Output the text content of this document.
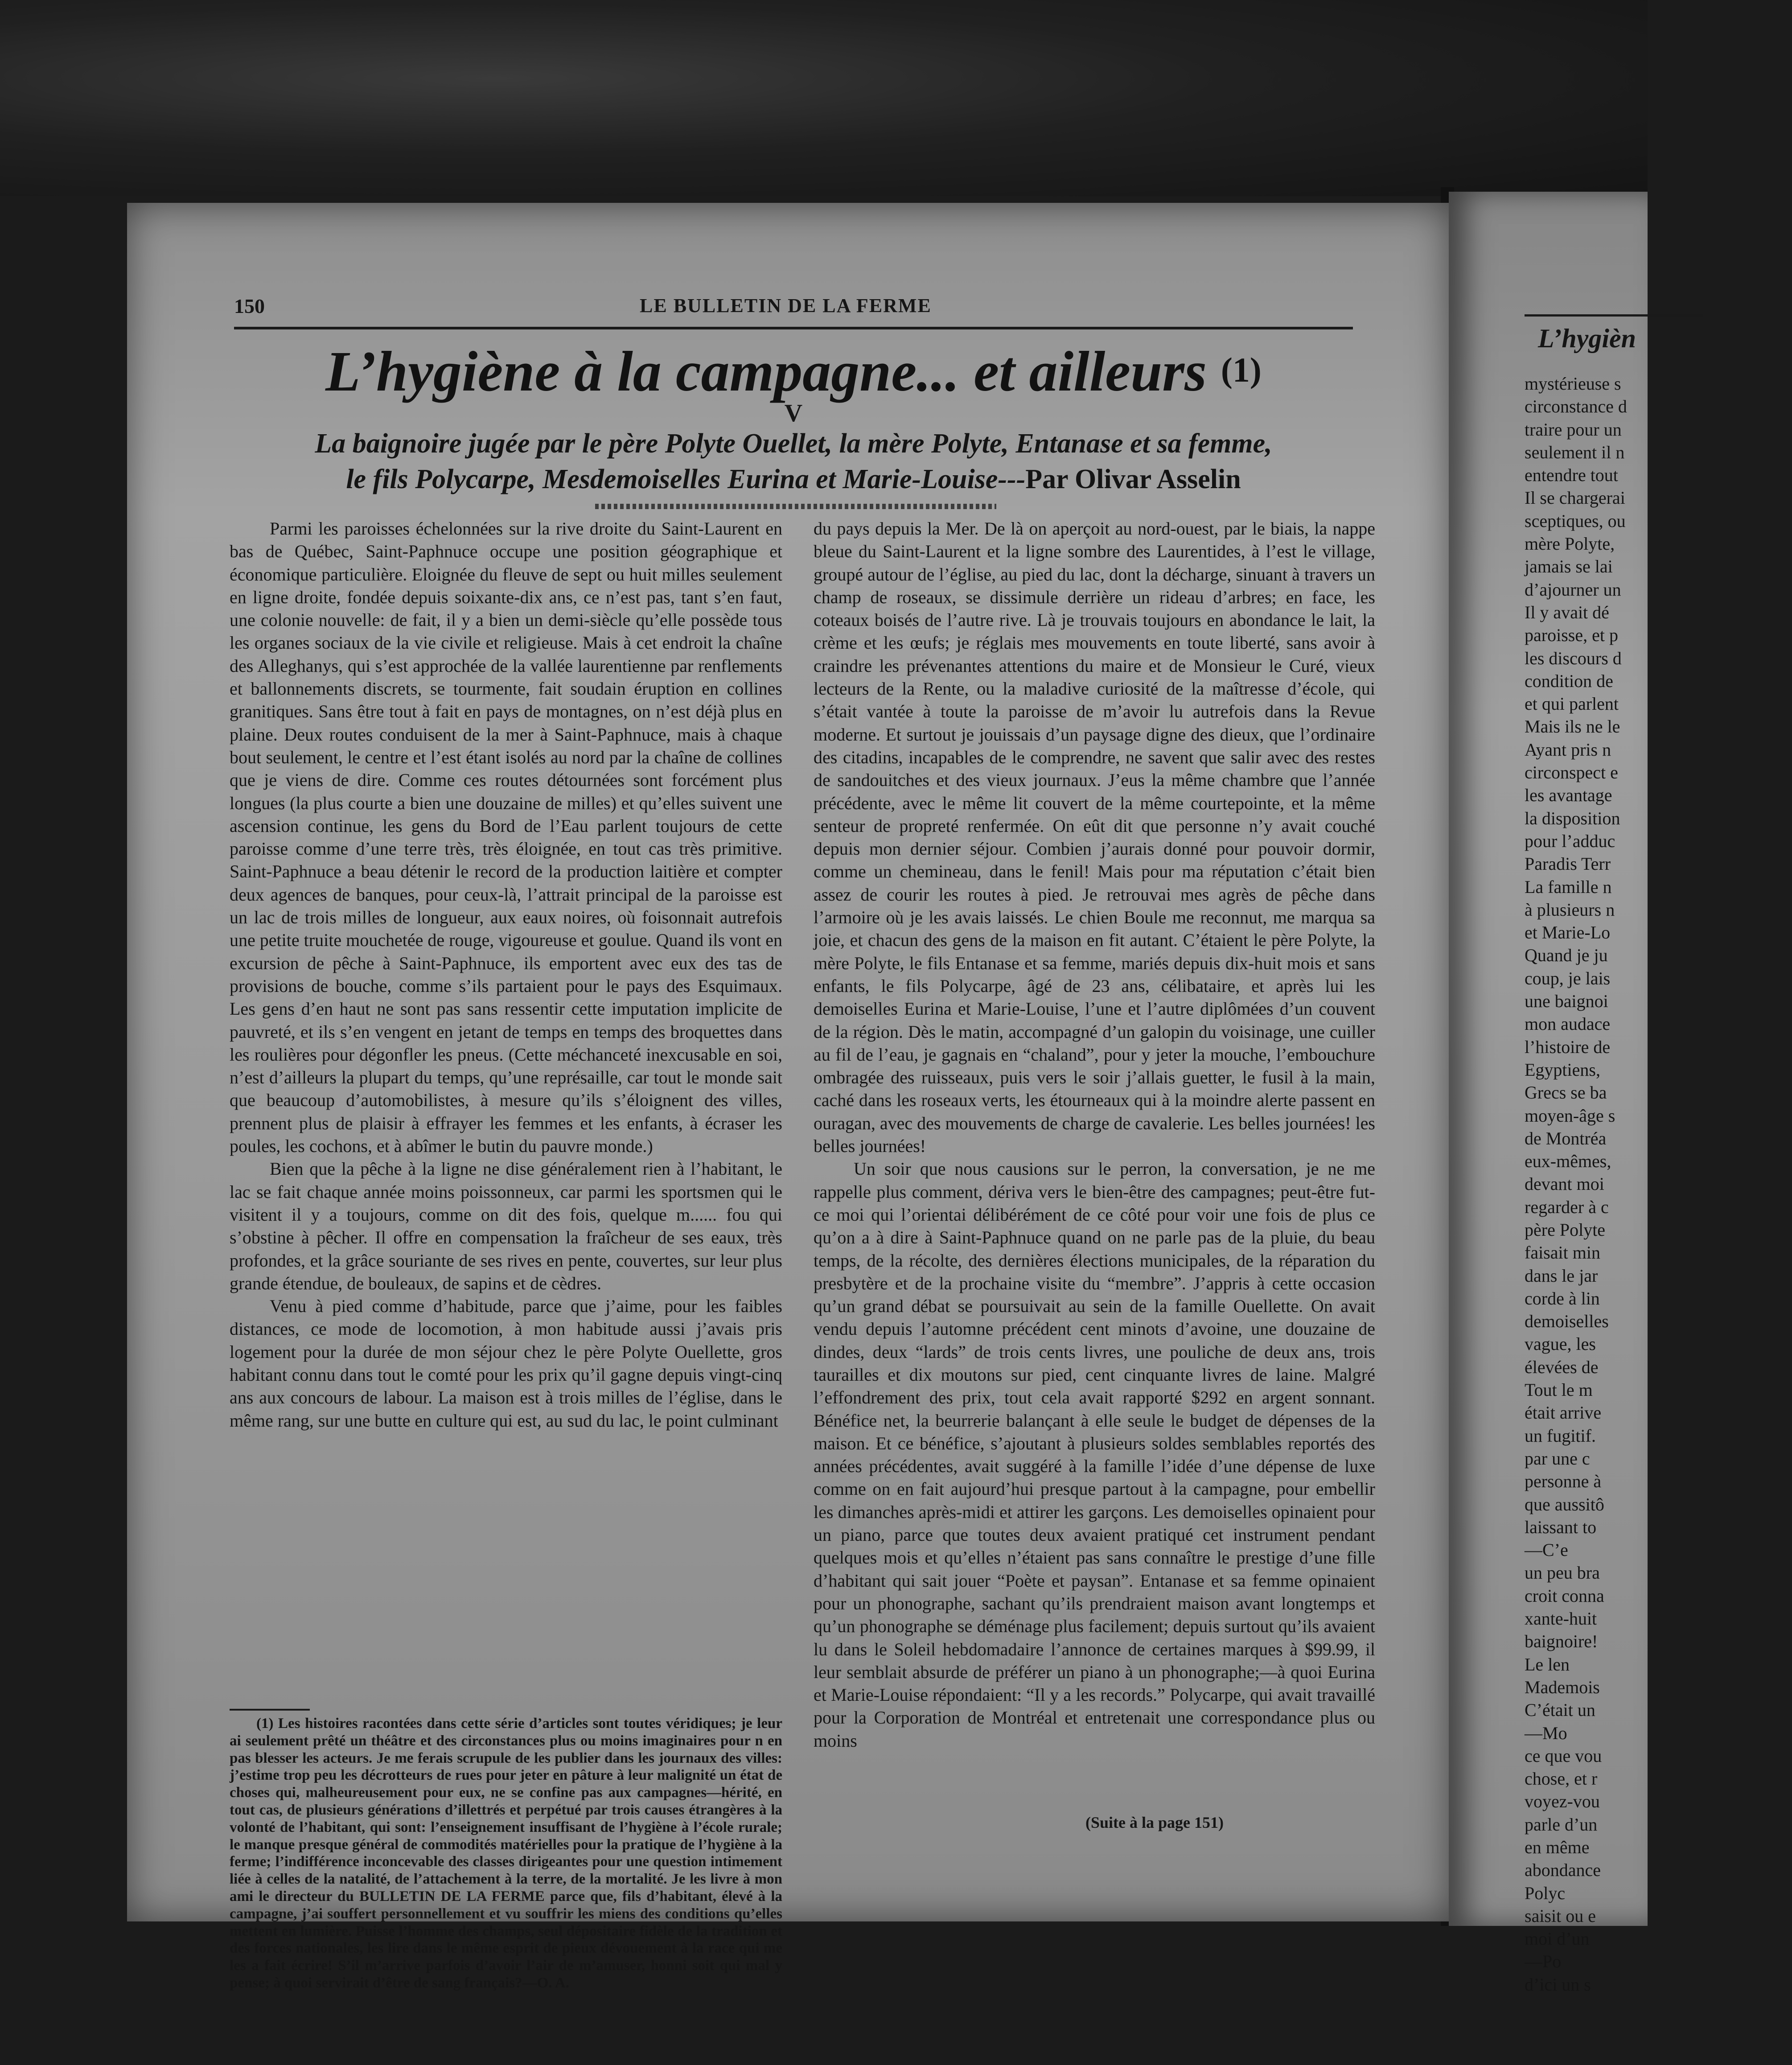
150	LE BULLETIN DE LA FERME
L’hygiène à la campagne... et ailleurs (1)
V
La baignoire jugée par le père Polyte Ouellet, la mère Polyte, Entanase et sa femme,
le fils Polycarpe, Mesdemoiselles Eurina et Marie-Louise---Par Olivar Asselin

Parmi les paroisses échelonnées sur la rive droite du Saint-Laurent en bas de Québec, Saint-Paphnuce occupe une position géographique et économique particulière. Eloignée du fleuve de sept ou huit milles seulement en ligne droite, fondée depuis soixante-dix ans, ce n’est pas, tant s’en faut, une colonie nouvelle: de fait, il y a bien un demi-siècle qu’elle possède tous les organes sociaux de la vie civile et religieuse. Mais à cet endroit la chaîne des Alleghanys, qui s’est approchée de la vallée laurentienne par renflements et ballonnements discrets, se tourmente, fait soudain éruption en collines granitiques. Sans être tout à fait en pays de montagnes, on n’est déjà plus en plaine. Deux routes conduisent de la mer à Saint-Paphnuce, mais à chaque bout seulement, le centre et l’est étant isolés au nord par la chaîne de collines que je viens de dire. Comme ces routes détournées sont forcément plus longues (la plus courte a bien une douzaine de milles) et qu’elles suivent une ascension continue, les gens du Bord de l’Eau parlent toujours de cette paroisse comme d’une terre très, très éloignée, en tout cas très primitive. Saint-Paphnuce a beau détenir le record de la production laitière et compter deux agences de banques, pour ceux-là, l’attrait principal de la paroisse est un lac de trois milles de longueur, aux eaux noires, où foisonnait autrefois une petite truite mouchetée de rouge, vigoureuse et goulue. Quand ils vont en excursion de pêche à Saint-Paphnuce, ils emportent avec eux des tas de provisions de bouche, comme s’ils partaient pour le pays des Esquimaux. Les gens d’en haut ne sont pas sans ressentir cette imputation implicite de pauvreté, et ils s’en vengent en jetant de temps en temps des broquettes dans les roulières pour dégonfler les pneus. (Cette méchanceté inexcusable en soi, n’est d’ailleurs la plupart du temps, qu’une représaille, car tout le monde sait que beaucoup d’automobilistes, à mesure qu’ils s’éloignent des villes, prennent plus de plaisir à effrayer les femmes et les enfants, à écraser les poules, les cochons, et à abîmer le butin du pauvre monde.)

Bien que la pêche à la ligne ne dise généralement rien à l’habitant, le lac se fait chaque année moins poissonneux, car parmi les sportsmen qui le visitent il y a toujours, comme on dit des fois, quelque m...... fou qui s’obstine à pêcher. Il offre en compensation la fraîcheur de ses eaux, très profondes, et la grâce souriante de ses rives en pente, couvertes, sur leur plus grande étendue, de bouleaux, de sapins et de cèdres.

Venu à pied comme d’habitude, parce que j’aime, pour les faibles distances, ce mode de locomotion, à mon habitude aussi j’avais pris logement pour la durée de mon séjour chez le père Polyte Ouellette, gros habitant connu dans tout le comté pour les prix qu’il gagne depuis vingt-cinq ans aux concours de labour. La maison est à trois milles de l’église, dans le même rang, sur une butte en culture qui est, au sud du lac, le point culminant

(1) Les histoires racontées dans cette série d’articles sont toutes véridiques; je leur ai seulement prêté un théâtre et des circonstances plus ou moins imaginaires pour n en pas blesser les acteurs. Je me ferais scrupule de les publier dans les journaux des villes: j’estime trop peu les décrotteurs de rues pour jeter en pâture à leur malignité un état de choses qui, malheureusement pour eux, ne se confine pas aux campagnes—hérité, en tout cas, de plusieurs générations d’illettrés et perpétué par trois causes étrangères à la volonté de l’habitant, qui sont: l’enseignement insuffisant de l’hygiène à l’école rurale; le manque presque général de commodités matérielles pour la pratique de l’hygiène à la ferme; l’indifférence inconcevable des classes dirigeantes pour une question intimement liée à celles de la natalité, de l’attachement à la terre, de la mortalité. Je les livre à mon ami le directeur du BULLETIN DE LA FERME parce que, fils d’habitant, élevé à la campagne, j’ai souffert personnellement et vu souffrir les miens des conditions qu’elles mettent en lumière. Puisse l’homme des champs, seul dépositaire fidèle de la tradition et des forces nationales, les lire dans le même esprit de pieux dévouement à la race qui me les a fait écrire! S’il m’arrive parfois d’avoir l’air de m’amuser, honni soit qui mal y pense; à quoi servirait d’être de sang français?—O. A.

du pays depuis la Mer. De là on aperçoit au nord-ouest, par le biais, la nappe bleue du Saint-Laurent et la ligne sombre des Laurentides, à l’est le village, groupé autour de l’église, au pied du lac, dont la décharge, sinuant à travers un champ de roseaux, se dissimule derrière un rideau d’arbres; en face, les coteaux boisés de l’autre rive. Là je trouvais toujours en abondance le lait, la crème et les œufs; je réglais mes mouvements en toute liberté, sans avoir à craindre les prévenantes attentions du maire et de Monsieur le Curé, vieux lecteurs de la Rente, ou la maladive curiosité de la maîtresse d’école, qui s’était vantée à toute la paroisse de m’avoir lu autrefois dans la Revue moderne. Et surtout je jouissais d’un paysage digne des dieux, que l’ordinaire des citadins, incapables de le comprendre, ne savent que salir avec des restes de sandouitches et des vieux journaux. J’eus la même chambre que l’année précédente, avec le même lit couvert de la même courtepointe, et la même senteur de propreté renfermée. On eût dit que personne n’y avait couché depuis mon dernier séjour. Combien j’aurais donné pour pouvoir dormir, comme un chemineau, dans le fenil! Mais pour ma réputation c’était bien assez de courir les routes à pied. Je retrouvai mes agrès de pêche dans l’armoire où je les avais laissés. Le chien Boule me reconnut, me marqua sa joie, et chacun des gens de la maison en fit autant. C’étaient le père Polyte, la mère Polyte, le fils Entanase et sa femme, mariés depuis dix-huit mois et sans enfants, le fils Polycarpe, âgé de 23 ans, célibataire, et après lui les demoiselles Eurina et Marie-Louise, l’une et l’autre diplômées d’un couvent de la région. Dès le matin, accompagné d’un galopin du voisinage, une cuiller au fil de l’eau, je gagnais en “chaland”, pour y jeter la mouche, l’embouchure ombragée des ruisseaux, puis vers le soir j’allais guetter, le fusil à la main, caché dans les roseaux verts, les étourneaux qui à la moindre alerte passent en ouragan, avec des mouvements de charge de cavalerie. Les belles journées! les belles journées!

Un soir que nous causions sur le perron, la conversation, je ne me rappelle plus comment, dériva vers le bien-être des campagnes; peut-être fut-ce moi qui l’orientai délibérément de ce côté pour voir une fois de plus ce qu’on a à dire à Saint-Paphnuce quand on ne parle pas de la pluie, du beau temps, de la récolte, des dernières élections municipales, de la réparation du presbytère et de la prochaine visite du “membre”. J’appris à cette occasion qu’un grand débat se poursuivait au sein de la famille Ouellette. On avait vendu depuis l’automne précédent cent minots d’avoine, une douzaine de dindes, deux “lards” de trois cents livres, une pouliche de deux ans, trois taurailles et dix moutons sur pied, cent cinquante livres de laine. Malgré l’effondrement des prix, tout cela avait rapporté $292 en argent sonnant. Bénéfice net, la beurrerie balançant à elle seule le budget de dépenses de la maison. Et ce bénéfice, s’ajoutant à plusieurs soldes semblables reportés des années précédentes, avait suggéré à la famille l’idée d’une dépense de luxe comme on en fait aujourd’hui presque partout à la campagne, pour embellir les dimanches après-midi et attirer les garçons. Les demoiselles opinaient pour un piano, parce que toutes deux avaient pratiqué cet instrument pendant quelques mois et qu’elles n’étaient pas sans connaître le prestige d’une fille d’habitant qui sait jouer “Poète et paysan”. Entanase et sa femme opinaient pour un phonographe, sachant qu’ils prendraient maison avant longtemps et qu’un phonographe se déménage plus facilement; depuis surtout qu’ils avaient lu dans le Soleil hebdomadaire l’annonce de certaines marques à $99.99, il leur semblait absurde de préférer un piano à un phonographe;—à quoi Eurina et Marie-Louise répondaient: “Il y a les records.” Polycarpe, qui avait travaillé pour la Corporation de Montréal et entretenait une correspondance plus ou moins

(Suite à la page 151)
L’hygièn
mystérieuse s
circonstance d
traire pour un
seulement il n
entendre tout
Il se chargerai
sceptiques, ou
mère Polyte,
jamais se lai
d’ajourner un
Il y avait dé
paroisse, et p
les discours d
condition de
et qui parlent
Mais ils ne le
Ayant pris n
circonspect e
les avantage
la disposition
pour l’adduc
Paradis Terr
La famille n
à plusieurs n
et Marie-Lo
Quand je ju
coup, je lais
une baignoi
mon audace
l’histoire de
Egyptiens,
Grecs se ba
moyen-âge s
de Montréa
eux-mêmes,
devant moi
regarder à c
père Polyte
faisait min
dans le jar
corde à lin
demoiselles
vague, les
élevées de
Tout le m
était arrive
un fugitif.
par une c
personne à
que aussitô
laissant to
—C’e
un peu bra
croit conna
xante-huit
baignoire!
Le len
Mademois
C’était un
—Mo
ce que vou
chose, et r
voyez-vou
parle d’un
en même
abondance
Polyc
saisit ou e
moi d’un
—Po
d’ici un s
